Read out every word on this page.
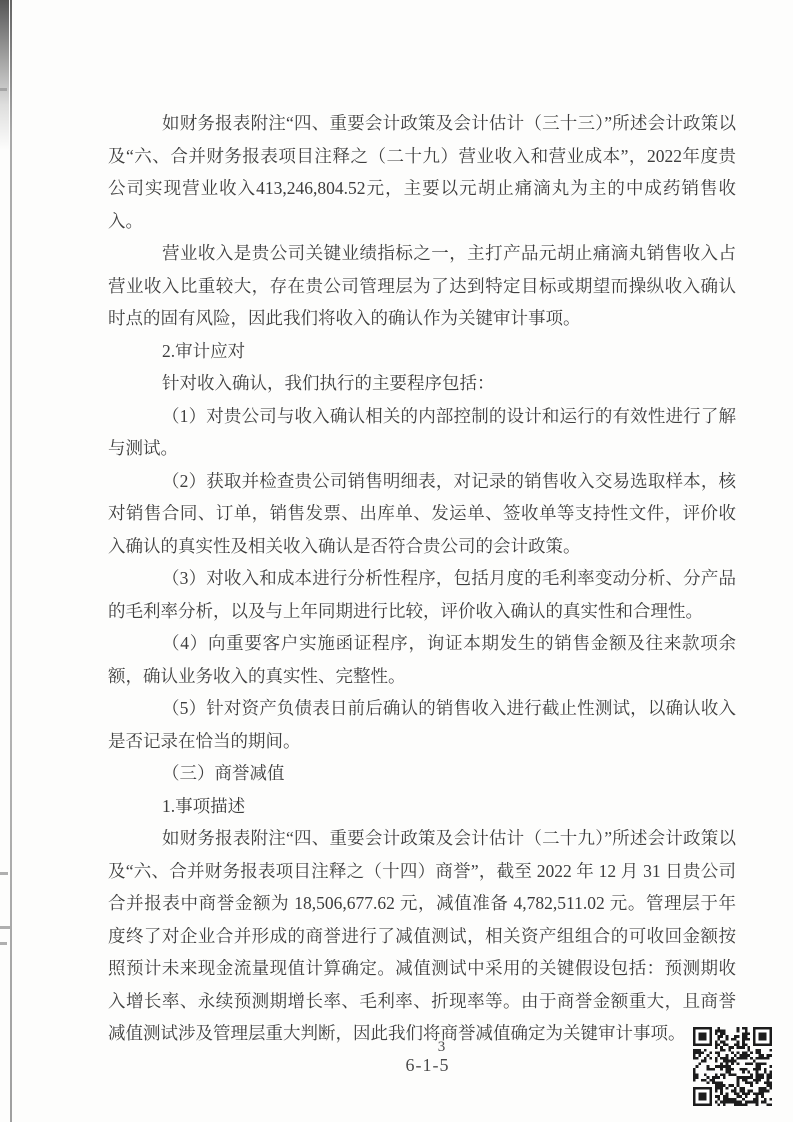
如财务报表附注“四、重要会计政策及会计估计（三十三）”所述会计政策以及“六、合并财务报表项目注释之（二十九）营业收入和营业成本”，2022年度贵公司实现营业收入413,246,804.52元，主要以元胡止痛滴丸为主的中成药销售收入。

营业收入是贵公司关键业绩指标之一，主打产品元胡止痛滴丸销售收入占营业收入比重较大，存在贵公司管理层为了达到特定目标或期望而操纵收入确认时点的固有风险，因此我们将收入的确认作为关键审计事项。

2.审计应对

针对收入确认，我们执行的主要程序包括：

（1）对贵公司与收入确认相关的内部控制的设计和运行的有效性进行了解与测试。

（2）获取并检查贵公司销售明细表，对记录的销售收入交易选取样本，核对销售合同、订单，销售发票、出库单、发运单、签收单等支持性文件，评价收入确认的真实性及相关收入确认是否符合贵公司的会计政策。

（3）对收入和成本进行分析性程序，包括月度的毛利率变动分析、分产品的毛利率分析，以及与上年同期进行比较，评价收入确认的真实性和合理性。

（4）向重要客户实施函证程序，询证本期发生的销售金额及往来款项余额，确认业务收入的真实性、完整性。

（5）针对资产负债表日前后确认的销售收入进行截止性测试，以确认收入是否记录在恰当的期间。

（三）商誉减值

1.事项描述

如财务报表附注“四、重要会计政策及会计估计（二十九）”所述会计政策以及“六、合并财务报表项目注释之（十四）商誉”，截至 2022 年 12 月 31 日贵公司合并报表中商誉金额为 18,506,677.62 元，减值准备 4,782,511.02 元。管理层于年度终了对企业合并形成的商誉进行了减值测试，相关资产组组合的可收回金额按照预计未来现金流量现值计算确定。减值测试中采用的关键假设包括：预测期收入增长率、永续预测期增长率、毛利率、折现率等。由于商誉金额重大，且商誉减值测试涉及管理层重大判断，因此我们将商誉减值确定为关键审计事项。

3
6-1-5
